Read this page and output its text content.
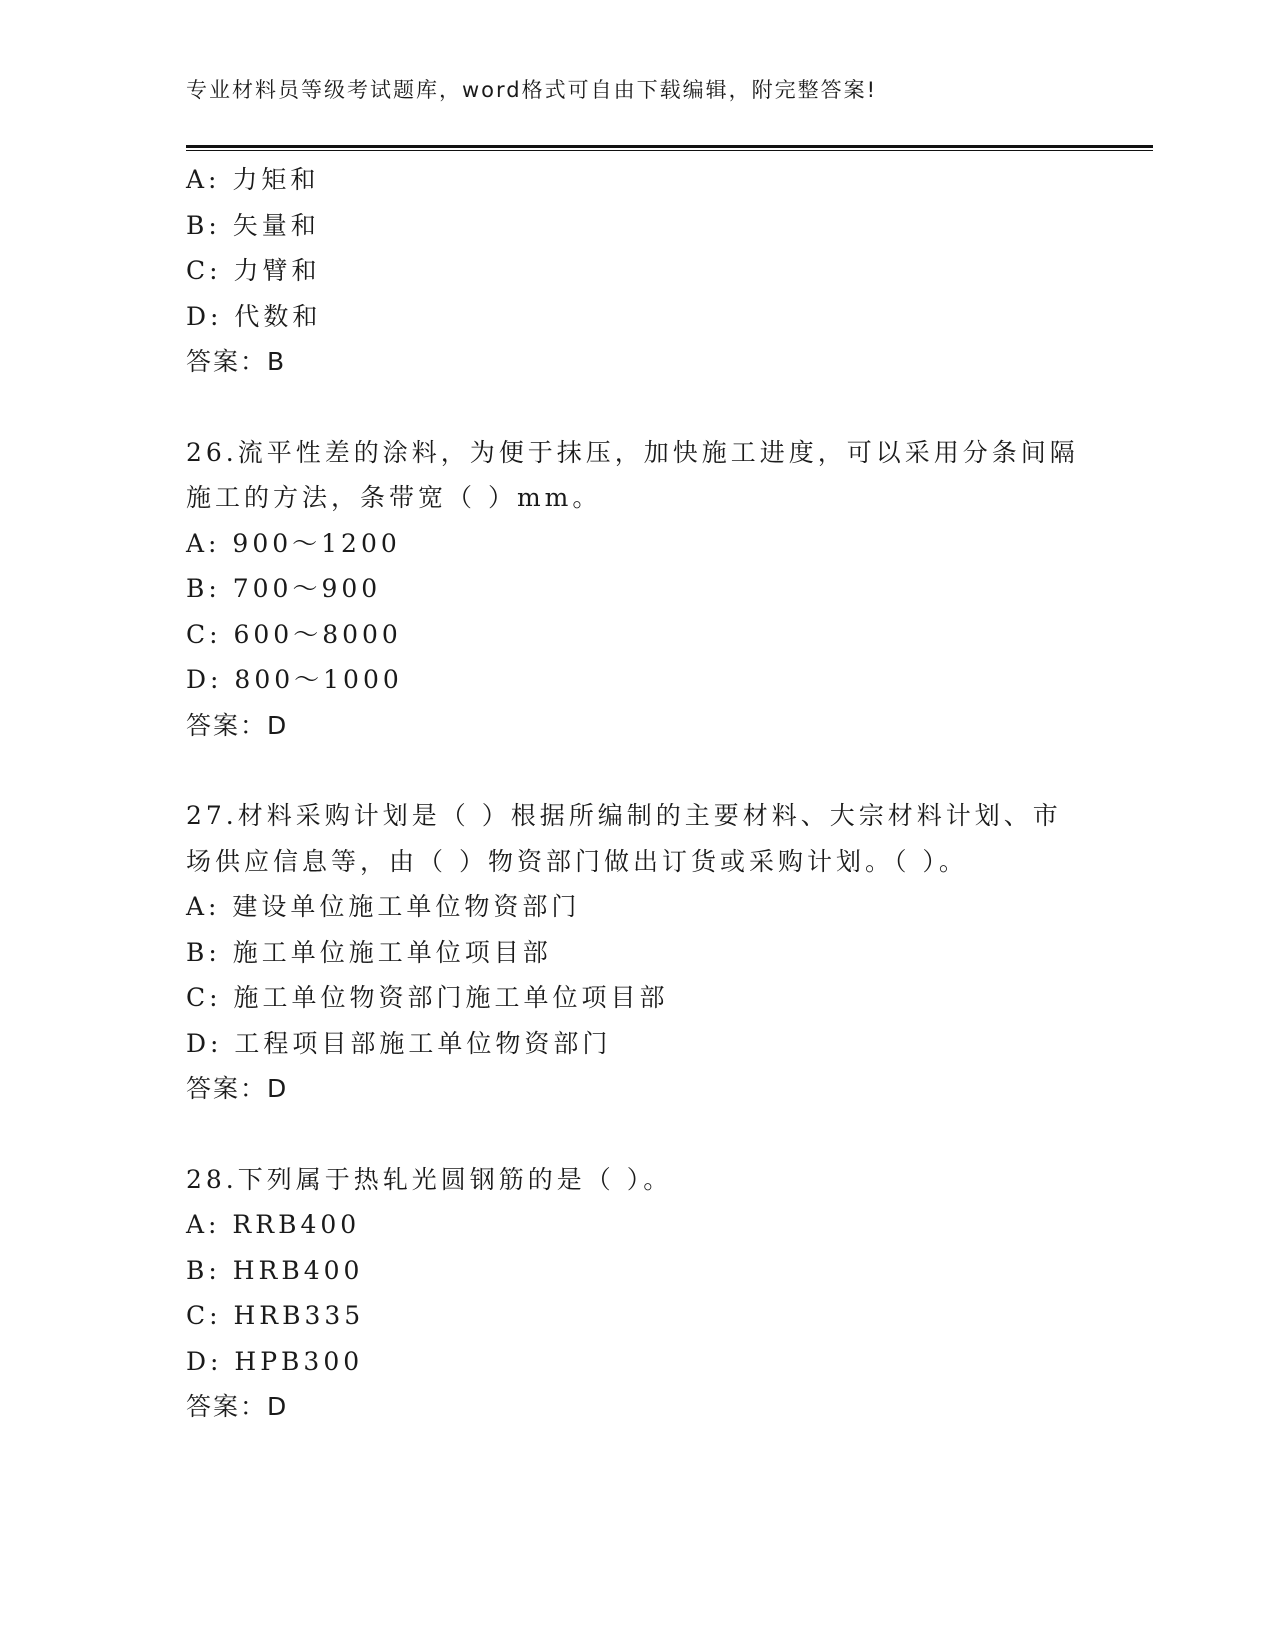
专业材料员等级考试题库，word格式可自由下载编辑，附完整答案!
A: 力矩和
B: 矢量和
C: 力臂和
D: 代数和
答案：B
26.流平性差的涂料，为便于抹压，加快施工进度，可以采用分条间隔
施工的方法，条带宽（ ）mm。
A: 900～1200
B: 700～900
C: 600～8000
D: 800～1000
答案：D
27.材料采购计划是（ ）根据所编制的主要材料、大宗材料计划、市
场供应信息等，由（ ）物资部门做出订货或采购计划。（ ）。
A: 建设单位施工单位物资部门
B: 施工单位施工单位项目部
C: 施工单位物资部门施工单位项目部
D: 工程项目部施工单位物资部门
答案：D
28.下列属于热轧光圆钢筋的是（ ）。
A: RRB400
B: HRB400
C: HRB335
D: HPB300
答案：D
